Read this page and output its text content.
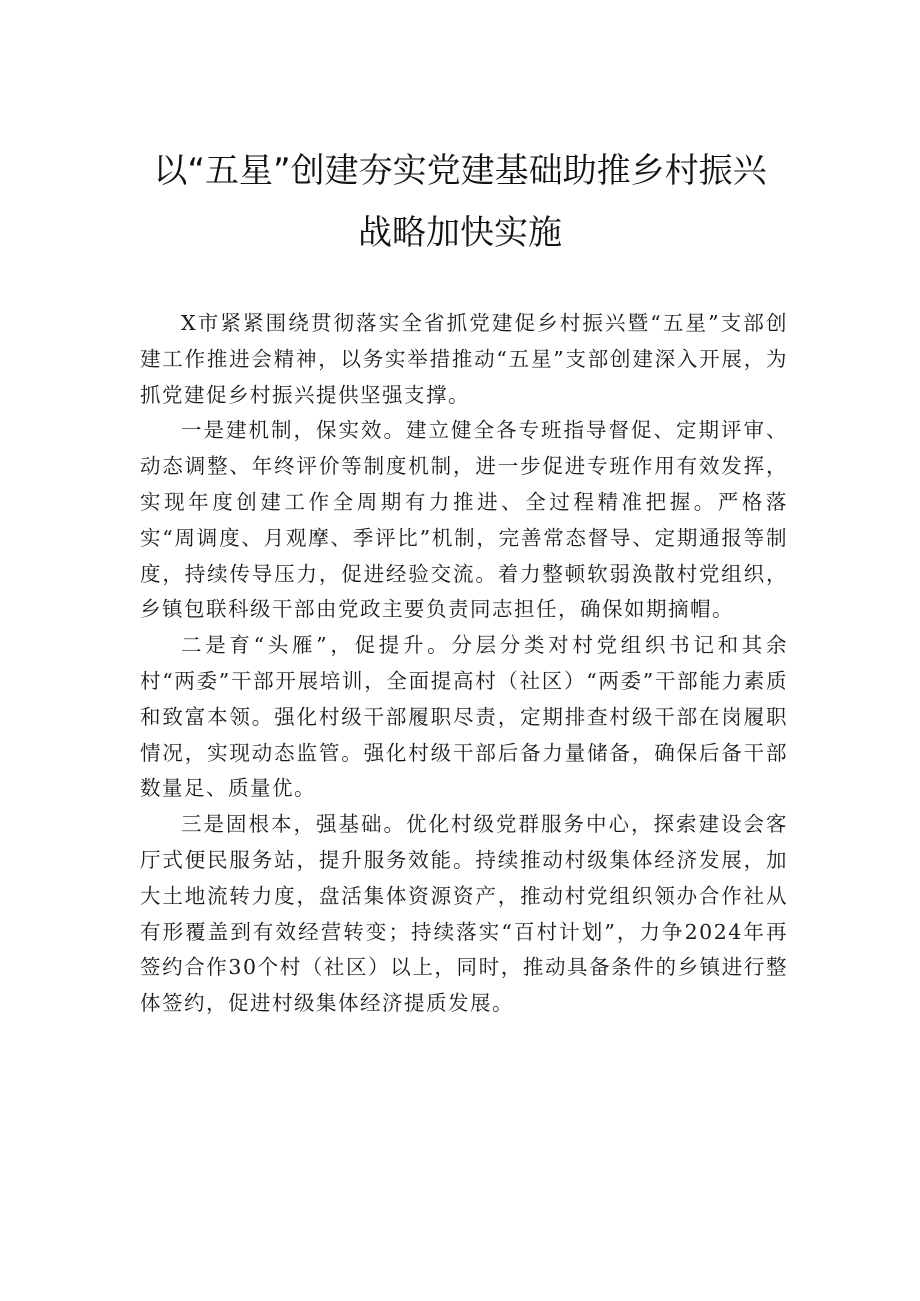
以“五星”创建夯实党建基础助推乡村振兴
战略加快实施

X市紧紧围绕贯彻落实全省抓党建促乡村振兴暨“五星”支部创建工作推进会精神，以务实举措推动“五星”支部创建深入开展，为抓党建促乡村振兴提供坚强支撑。

一是建机制，保实效。建立健全各专班指导督促、定期评审、动态调整、年终评价等制度机制，进一步促进专班作用有效发挥，实现年度创建工作全周期有力推进、全过程精准把握。严格落实“周调度、月观摩、季评比”机制，完善常态督导、定期通报等制度，持续传导压力，促进经验交流。着力整顿软弱涣散村党组织，乡镇包联科级干部由党政主要负责同志担任，确保如期摘帽。

二是育“头雁”，促提升。分层分类对村党组织书记和其余村“两委”干部开展培训，全面提高村（社区）“两委”干部能力素质和致富本领。强化村级干部履职尽责，定期排查村级干部在岗履职情况，实现动态监管。强化村级干部后备力量储备，确保后备干部数量足、质量优。

三是固根本，强基础。优化村级党群服务中心，探索建设会客厅式便民服务站，提升服务效能。持续推动村级集体经济发展，加大土地流转力度，盘活集体资源资产，推动村党组织领办合作社从有形覆盖到有效经营转变；持续落实“百村计划”，力争2024年再签约合作30个村（社区）以上，同时，推动具备条件的乡镇进行整体签约，促进村级集体经济提质发展。
